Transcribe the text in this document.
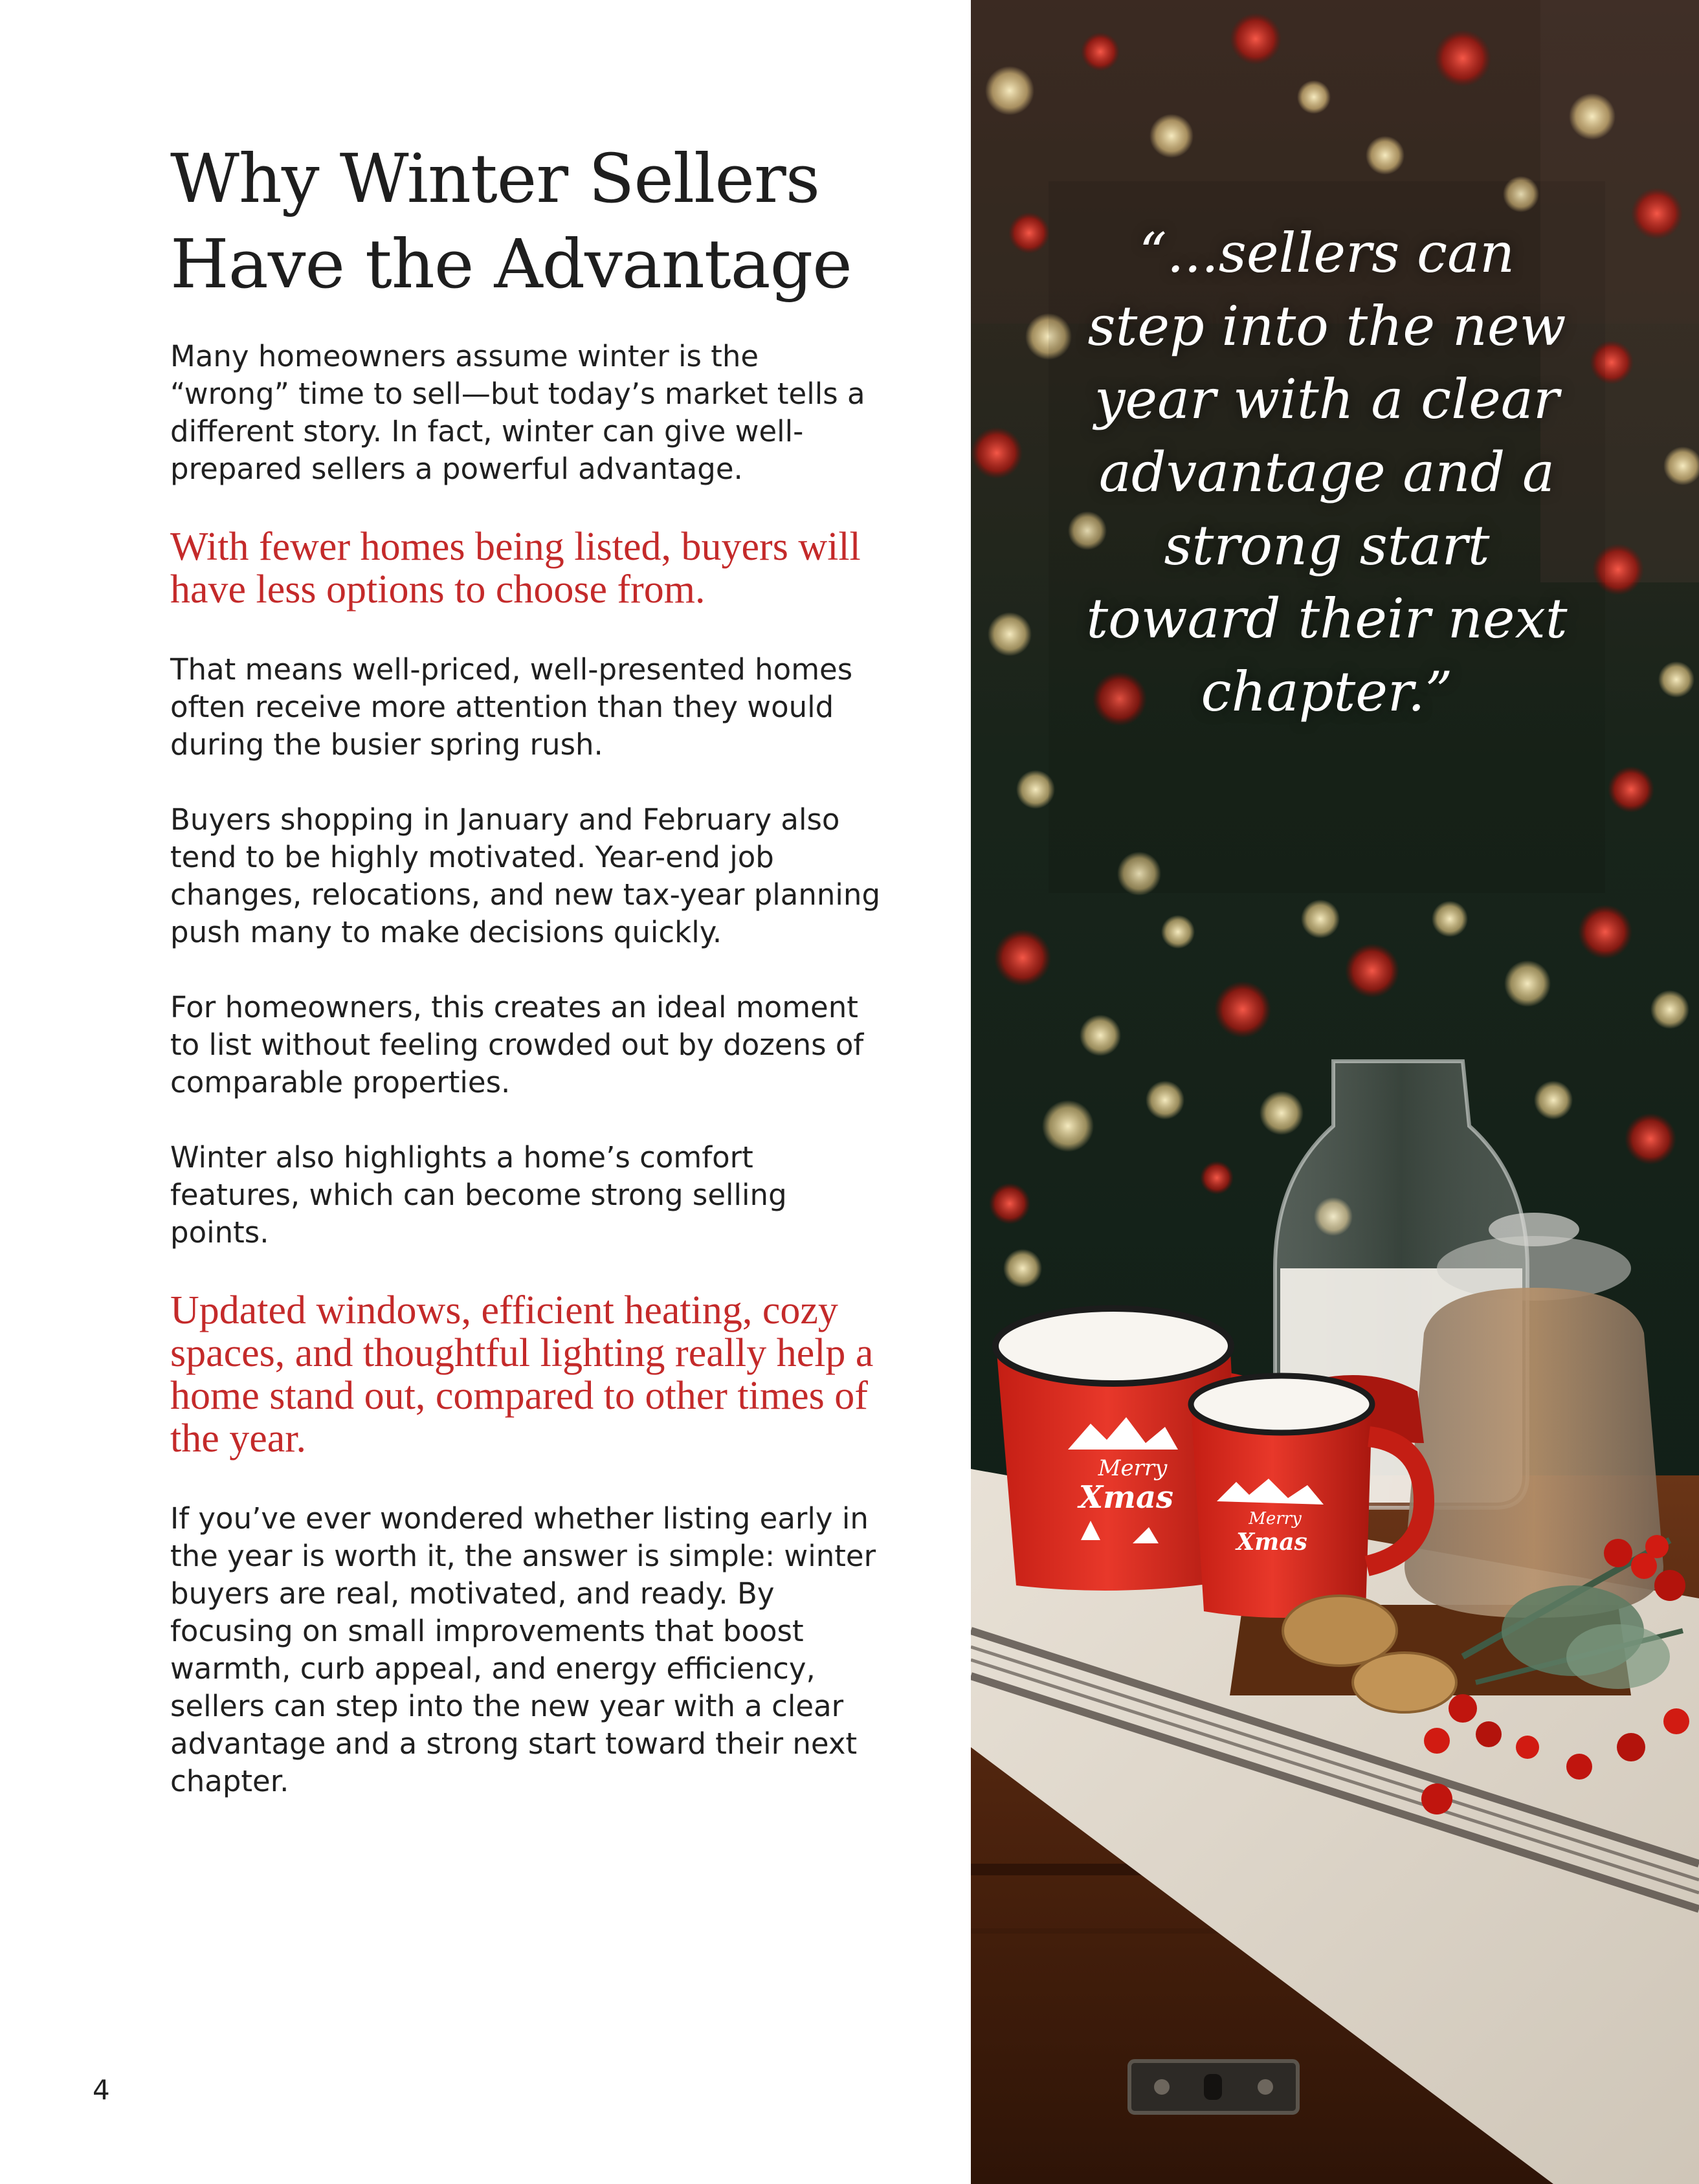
Why Winter Sellers Have the Advantage

Many homeowners assume winter is the “wrong” time to sell—but today’s market tells a different story. In fact, winter can give well-prepared sellers a powerful advantage.

With fewer homes being listed, buyers will have less options to choose from.

That means well-priced, well-presented homes often receive more attention than they would during the busier spring rush.

Buyers shopping in January and February also tend to be highly motivated. Year-end job changes, relocations, and new tax-year planning push many to make decisions quickly.

For homeowners, this creates an ideal moment to list without feeling crowded out by dozens of comparable properties.

Winter also highlights a home’s comfort features, which can become strong selling points.

Updated windows, efficient heating, cozy spaces, and thoughtful lighting really help a home stand out, compared to other times of the year.

If you’ve ever wondered whether listing early in the year is worth it, the answer is simple: winter buyers are real, motivated, and ready. By focusing on small improvements that boost warmth, curb appeal, and energy efficiency, sellers can step into the new year with a clear advantage and a strong start toward their next chapter.

4
Merry
Xmas
Merry
Xmas

“...sellers can step into the new year with a clear advantage and a strong start toward their next chapter.”
